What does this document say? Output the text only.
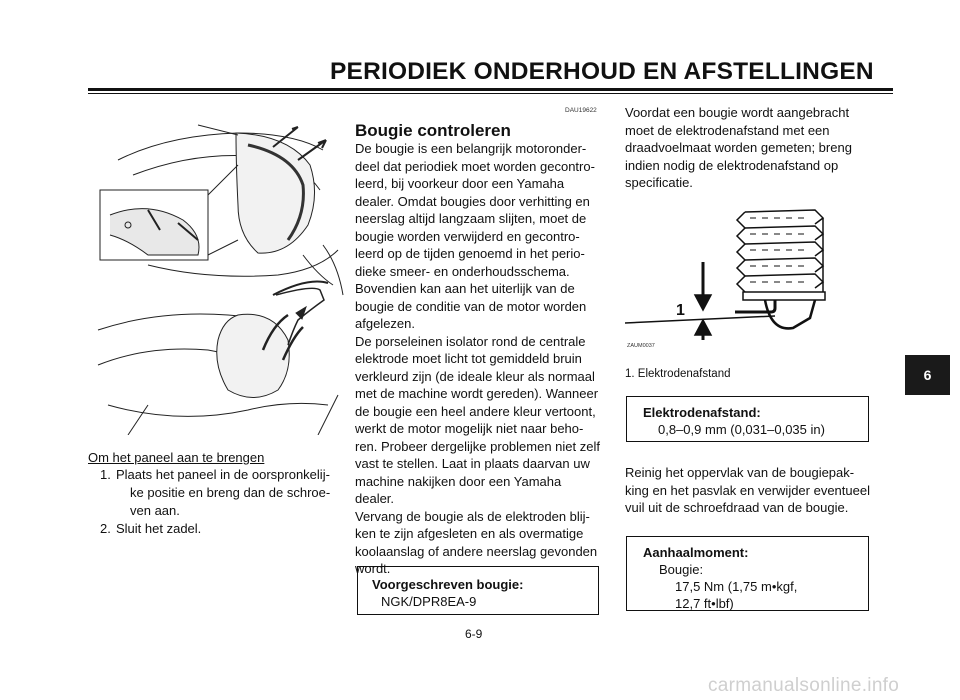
PERIODIEK ONDERHOUD EN AFSTELLINGEN
6
Om het paneel aan te brengen
1. Plaats het paneel in de oorspronkelij-
ke positie en breng dan de schroe-
ven aan.
2. Sluit het zadel.
DAU19622
Bougie controleren
De bougie is een belangrijk motoronder-
deel dat periodiek moet worden gecontro-
leerd, bij voorkeur door een Yamaha
dealer. Omdat bougies door verhitting en
neerslag altijd langzaam slijten, moet de
bougie worden verwijderd en gecontro-
leerd op de tijden genoemd in het perio-
dieke smeer- en onderhoudsschema.
Bovendien kan aan het uiterlijk van de
bougie de conditie van de motor worden
afgelezen.
De porseleinen isolator rond de centrale
elektrode moet licht tot gemiddeld bruin
verkleurd zijn (de ideale kleur als normaal
met de machine wordt gereden). Wanneer
de bougie een heel andere kleur vertoont,
werkt de motor mogelijk niet naar beho-
ren. Probeer dergelijke problemen niet zelf
vast te stellen. Laat in plaats daarvan uw
machine nakijken door een Yamaha
dealer.
Vervang de bougie als de elektroden blij-
ken te zijn afgesleten en als overmatige
koolaanslag of andere neerslag gevonden
wordt.
Voorgeschreven bougie:
NGK/DPR8EA-9
Voordat een bougie wordt aangebracht
moet de elektrodenafstand met een
draadvoelmaat worden gemeten; breng
indien nodig de elektrodenafstand op
specificatie.
1
ZAUM0037
1. Elektrodenafstand
Elektrodenafstand:
0,8–0,9 mm (0,031–0,035 in)
Reinig het oppervlak van de bougiepak-
king en het pasvlak en verwijder eventueel
vuil uit de schroefdraad van de bougie.
Aanhaalmoment:
Bougie:
17,5 Nm (1,75 m•kgf,
12,7 ft•lbf)
6-9
carmanualsonline.info
